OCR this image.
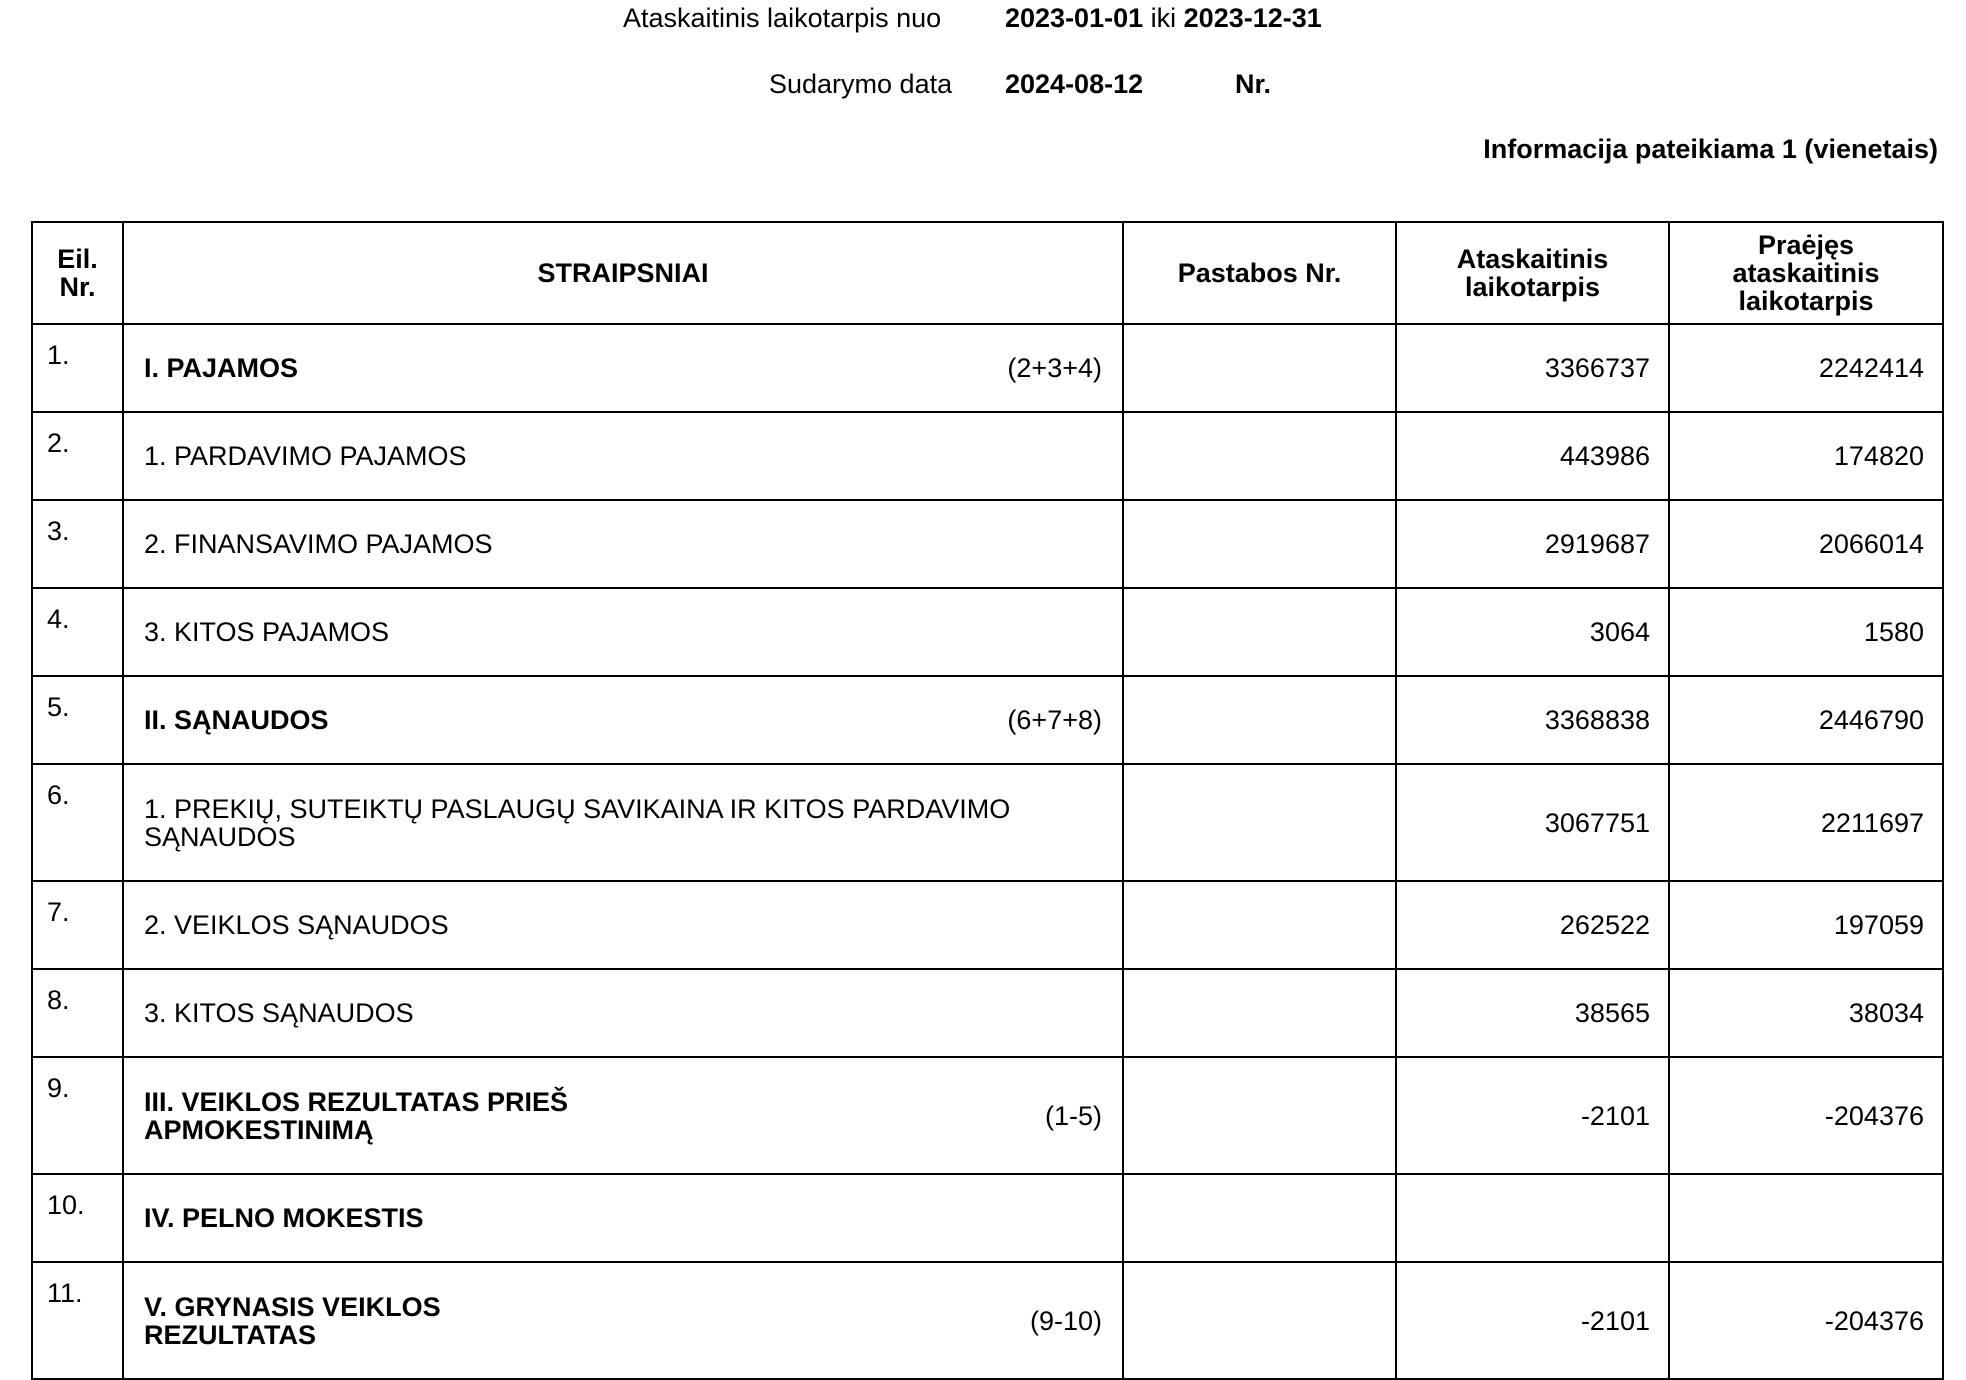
Ataskaitinis laikotarpis nuo 2023-01-01 iki 2023-12-31
Sudarymo data 2024-08-12	Nr.
Informacija pateikiama 1 (vienetais)
Eil. Nr.	STRAIPSNIAI	Pastabos Nr.	Ataskaitinis laikotarpis	Praėjęs ataskaitinis laikotarpis
1.	I. PAJAMOS (2+3+4)		3366737	2242414
2.	1. PARDAVIMO PAJAMOS		443986	174820
3.	2. FINANSAVIMO PAJAMOS		2919687	2066014
4.	3. KITOS PAJAMOS		3064	1580
5.	II. SĄNAUDOS (6+7+8)		3368838	2446790
6.	1. PREKIŲ, SUTEIKTŲ PASLAUGŲ SAVIKAINA IR KITOS PARDAVIMO SĄNAUDOS		3067751	2211697
7.	2. VEIKLOS SĄNAUDOS		262522	197059
8.	3. KITOS SĄNAUDOS		38565	38034
9.	III. VEIKLOS REZULTATAS PRIEŠ APMOKESTINIMĄ (1-5)		-2101	-204376
10.	IV. PELNO MOKESTIS			

11.	V. GRYNASIS VEIKLOS REZULTATAS (9-10)		-2101	-204376
